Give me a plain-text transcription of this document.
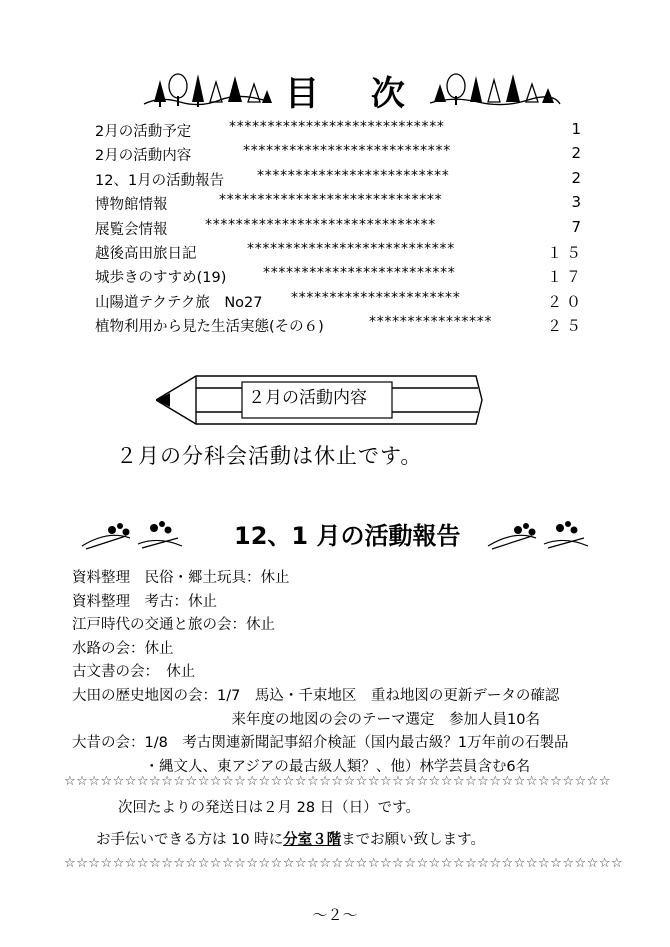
目 次
2月の活動予定	****************************	1
2月の活動内容	***************************	2
12、1月の活動報告 *************************	2
博物館情報	*****************************	3
展覧会情報	******************************	7
越後高田旅日記	***************************	１５
城歩きのすすめ(19)	*************************	１７
山陽道テクテク旅　No27 **********************	２０
植物利用から見た生活実態(その６)	****************	２５
２月の活動内容
２月の分科会活動は休止です。
12、1 月の活動報告
資料整理　民俗・郷土玩具：休止
資料整理　考古：休止
江戸時代の交通と旅の会：休止
水路の会：休止
古文書の会：　休止
大田の歴史地図の会：1/7　馬込・千束地区　重ね地図の更新データの確認
　　　　　　　　　　　来年度の地図の会のテーマ選定　参加人員10名
大昔の会：1/8　考古関連新聞記事紹介検証（国内最古級？1万年前の石製品
　　　　　・縄文人、東アジアの最古級人類？、他）林学芸員含む6名
☆☆☆☆☆☆☆☆☆☆☆☆☆☆☆☆☆☆☆☆☆☆☆☆☆☆☆☆☆☆☆☆☆☆☆☆☆☆☆☆☆☆☆☆☆
次回たよりの発送日は２月 28 日（日）です。
お手伝いできる方は 10 時に分室３階までお願い致します。
☆☆☆☆☆☆☆☆☆☆☆☆☆☆☆☆☆☆☆☆☆☆☆☆☆☆☆☆☆☆☆☆☆☆☆☆☆☆☆☆☆☆☆☆☆☆
～２～
